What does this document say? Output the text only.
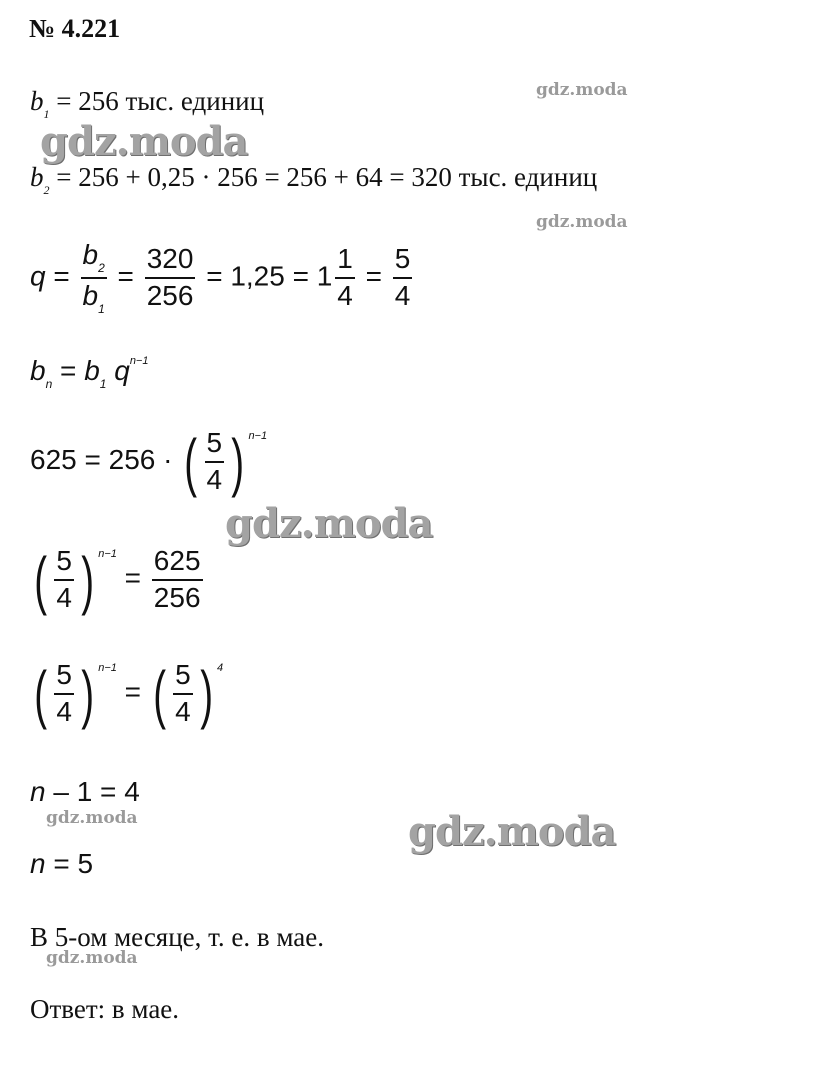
№ 4.221
gdz.moda
$b_1 = 256$ тыс. единиц
gdz.moda
$b_2 = 256 + 0,25 \cdot 256 = 256 + 64 = 320$ тыс. единиц
gdz.moda
$q = \frac{b_2}{b_1} = \frac{320}{256} = 1,25 = 1 \frac{1}{4} = \frac{5}{4}$
$b_n = b_1$ $q^{n-1}$
625 = 256 · ( $\frac{5}{4}$ ) $^{n-1}$
gdz.moda
( $\frac{5}{4}$ ) $^{n-1} = \frac{625}{256}$
( $\frac{5}{4}$ ) $^{n-1}$ = ( $\frac{5}{4}$ ) $^4$
n – 1 = 4
gdz.moda	gdz.moda
n = 5
В 5-ом месяце, т. е. в мае.
gdz.moda
Ответ: в мае.
